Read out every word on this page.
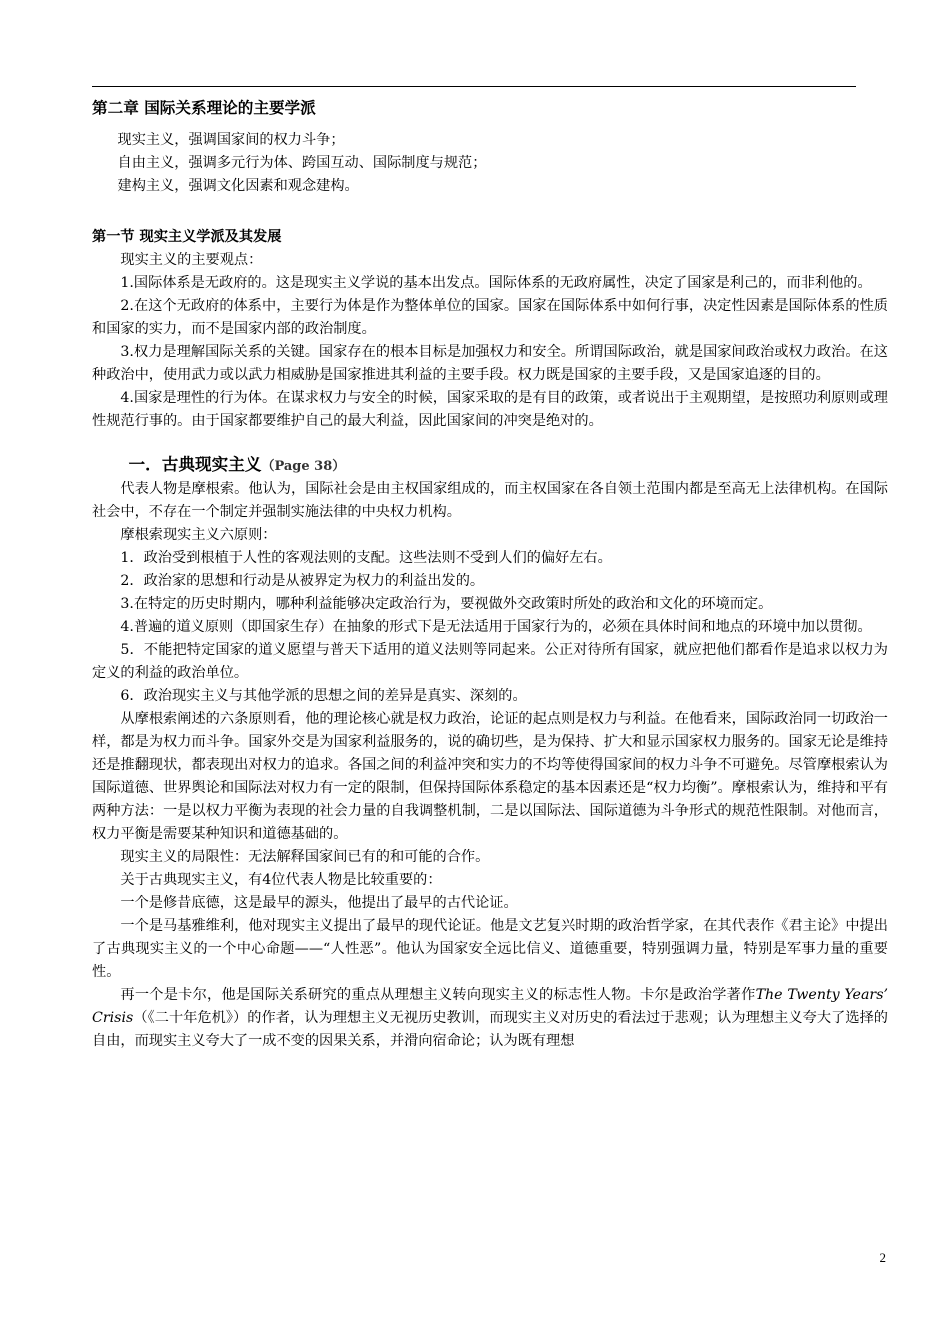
第二章 国际关系理论的主要学派

现实主义，强调国家间的权力斗争；

自由主义，强调多元行为体、跨国互动、国际制度与规范；

建构主义，强调文化因素和观念建构。

第一节 现实主义学派及其发展

现实主义的主要观点：

1.国际体系是无政府的。这是现实主义学说的基本出发点。国际体系的无政府属性，决定了国家是利己的，而非利他的。

2.在这个无政府的体系中，主要行为体是作为整体单位的国家。国家在国际体系中如何行事，决定性因素是国际体系的性质和国家的实力，而不是国家内部的政治制度。

3.权力是理解国际关系的关键。国家存在的根本目标是加强权力和安全。所谓国际政治，就是国家间政治或权力政治。在这种政治中，使用武力或以武力相威胁是国家推进其利益的主要手段。权力既是国家的主要手段，又是国家追逐的目的。

4.国家是理性的行为体。在谋求权力与安全的时候，国家采取的是有目的政策，或者说出于主观期望，是按照功利原则或理性规范行事的。由于国家都要维护自己的最大利益，因此国家间的冲突是绝对的。

一．古典现实主义（Page 38）

代表人物是摩根索。他认为，国际社会是由主权国家组成的，而主权国家在各自领土范围内都是至高无上法律机构。在国际社会中，不存在一个制定并强制实施法律的中央权力机构。

摩根索现实主义六原则：

1．政治受到根植于人性的客观法则的支配。这些法则不受到人们的偏好左右。

2．政治家的思想和行动是从被界定为权力的利益出发的。

3.在特定的历史时期内，哪种利益能够决定政治行为，要视做外交政策时所处的政治和文化的环境而定。

4.普遍的道义原则（即国家生存）在抽象的形式下是无法适用于国家行为的，必须在具体时间和地点的环境中加以贯彻。

5．不能把特定国家的道义愿望与普天下适用的道义法则等同起来。公正对待所有国家，就应把他们都看作是追求以权力为定义的利益的政治单位。

6．政治现实主义与其他学派的思想之间的差异是真实、深刻的。

从摩根索阐述的六条原则看，他的理论核心就是权力政治，论证的起点则是权力与利益。在他看来，国际政治同一切政治一样，都是为权力而斗争。国家外交是为国家利益服务的，说的确切些，是为保持、扩大和显示国家权力服务的。国家无论是维持还是推翻现状，都表现出对权力的追求。各国之间的利益冲突和实力的不均等使得国家间的权力斗争不可避免。尽管摩根索认为国际道德、世界舆论和国际法对权力有一定的限制，但保持国际体系稳定的基本因素还是“权力均衡”。摩根索认为，维持和平有两种方法：一是以权力平衡为表现的社会力量的自我调整机制，二是以国际法、国际道德为斗争形式的规范性限制。对他而言，权力平衡是需要某种知识和道德基础的。

现实主义的局限性：无法解释国家间已有的和可能的合作。

关于古典现实主义，有4位代表人物是比较重要的：

一个是修昔底德，这是最早的源头，他提出了最早的古代论证。

一个是马基雅维利，他对现实主义提出了最早的现代论证。他是文艺复兴时期的政治哲学家，在其代表作《君主论》中提出了古典现实主义的一个中心命题——“人性恶”。他认为国家安全远比信义、道德重要，特别强调力量，特别是军事力量的重要性。

再一个是卡尔，他是国际关系研究的重点从理想主义转向现实主义的标志性人物。卡尔是政治学著作The Twenty Years’ Crisis（《二十年危机》）的作者，认为理想主义无视历史教训，而现实主义对历史的看法过于悲观；认为理想主义夸大了选择的自由，而现实主义夸大了一成不变的因果关系，并滑向宿命论；认为既有理想

2
